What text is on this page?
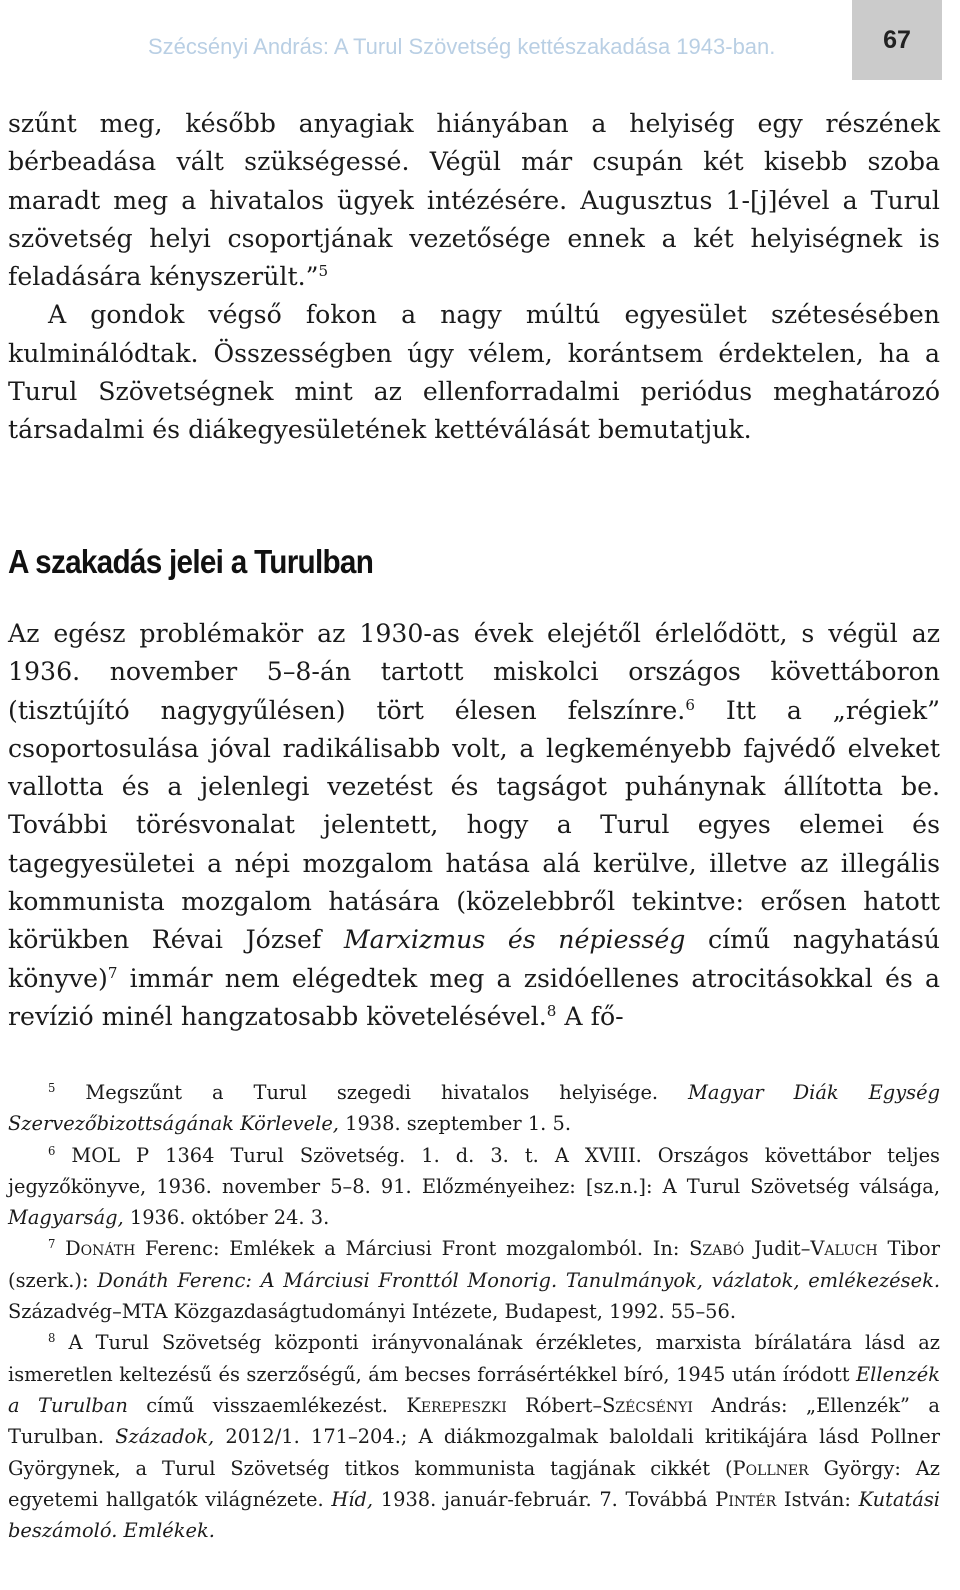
Szécsényi András: A Turul Szövetség kettészakadása 1943-ban.	67

szűnt meg, később anyagiak hiányában a helyiség egy részének bérbeadása vált szükségessé. Végül már csupán két kisebb szoba maradt meg a hivatalos ügyek intézésére. Augusztus 1-[j]ével a Turul szövetség helyi csoportjának vezetősége ennek a két helyiségnek is feladására kényszerült.”$^5$

A gondok végső fokon a nagy múltú egyesület szétesésében kulminálódtak. Összességben úgy vélem, korántsem érdektelen, ha a Turul Szövetségnek mint az ellenforradalmi periódus meghatározó társadalmi és diákegyesületének kettéválását bemutatjuk.

A szakadás jelei a Turulban

Az egész problémakör az 1930-as évek elejétől érlelődött, s végül az 1936. november 5–8-án tartott miskolci országos követtáboron (tisztújító nagygyűlésen) tört élesen felszínre.$^6$ Itt a „régiek” csoportosulása jóval radikálisabb volt, a legkeményebb fajvédő elveket vallotta és a jelenlegi vezetést és tagságot puhánynak állította be. További törésvonalat jelentett, hogy a Turul egyes elemei és tagegyesületei a népi mozgalom hatása alá kerülve, illetve az illegális kommunista mozgalom hatására (közelebbről tekintve: erősen hatott körükben Révai József Marxizmus és népiesség című nagyhatású könyve)$^7$ immár nem elégedtek meg a zsidóellenes atrocitásokkal és a revízió minél hangzatosabb követelésével.$^8$ A fő-

$^5$ Megszűnt a Turul szegedi hivatalos helyisége. Magyar Diák Egység Szervezőbizottságának Körlevele, 1938. szeptember 1. 5.

$^6$ MOL P 1364 Turul Szövetség. 1. d. 3. t. A XVIII. Országos követtábor teljes jegyzőkönyve, 1936. november 5–8. 91. Előzményeihez: [sz.n.]: A Turul Szövetség válsága, Magyarság, 1936. október 24. 3.

$^7$ Donáth Ferenc: Emlékek a Márciusi Front mozgalomból. In: Szabó Judit–Valuch Tibor (szerk.): Donáth Ferenc: A Márciusi Fronttól Monorig. Tanulmányok, vázlatok, emlékezések. Századvég–MTA Közgazdaságtudományi Intézete, Budapest, 1992. 55–56.

$^8$ A Turul Szövetség központi irányvonalának érzékletes, marxista bírálatára lásd az ismeretlen keltezésű és szerzőségű, ám becses forrásértékkel bíró, 1945 után íródott Ellenzék a Turulban című visszaemlékezést. Kerepeszki Róbert–Szécsényi András: „Ellenzék” a Turulban. Századok, 2012/1. 171–204.; A diákmozgalmak baloldali kritikájára lásd Pollner Györgynek, a Turul Szövetség titkos kommunista tagjának cikkét (Pollner György: Az egyetemi hallgatók világnézete. Híd, 1938. január-február. 7. Továbbá Pintér István: Kutatási beszámoló. Emlékek.
